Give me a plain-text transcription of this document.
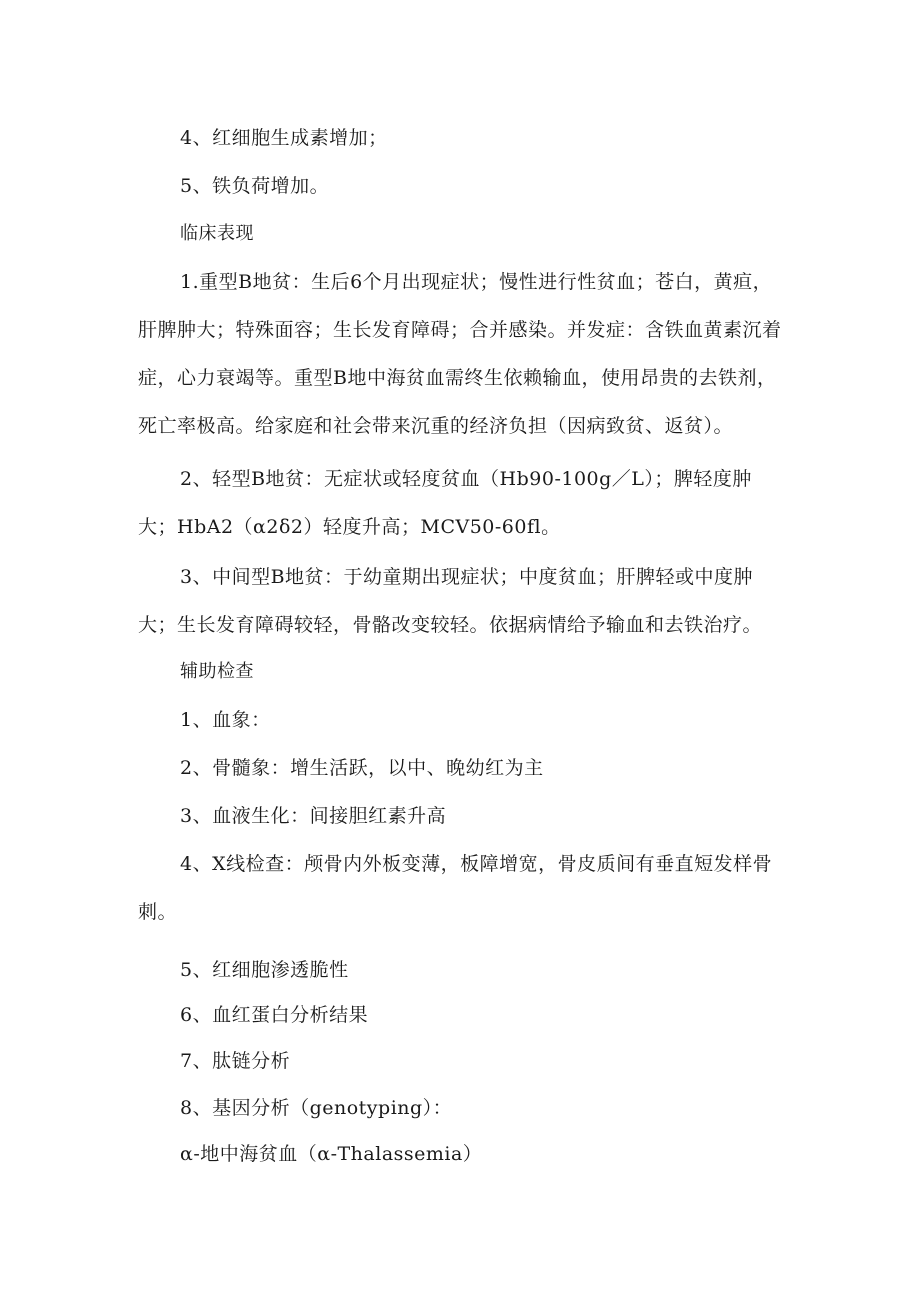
4、红细胞生成素增加；

5、铁负荷增加。

临床表现

1.重型Β地贫：生后6个月出现症状；慢性进行性贫血；苍白，黄疸，肝脾肿大；特殊面容；生长发育障碍；合并感染。并发症：含铁血黄素沉着症，心力衰竭等。重型Β地中海贫血需终生依赖输血，使用昂贵的去铁剂，死亡率极高。给家庭和社会带来沉重的经济负担（因病致贫、返贫）。

2、轻型Β地贫：无症状或轻度贫血（Hb90-100g／L）；脾轻度肿大；HbA2（α2δ2）轻度升高；MCV50-60fl。

3、中间型Β地贫：于幼童期出现症状；中度贫血；肝脾轻或中度肿大；生长发育障碍较轻，骨骼改变较轻。依据病情给予输血和去铁治疗。

辅助检查

1、血象：

2、骨髓象：增生活跃，以中、晚幼红为主

3、血液生化：间接胆红素升高

4、X线检查：颅骨内外板变薄，板障增宽，骨皮质间有垂直短发样骨刺。

5、红细胞渗透脆性

6、血红蛋白分析结果

7、肽链分析

8、基因分析（genotyping）：

α-地中海贫血（α-Thalassemia）
